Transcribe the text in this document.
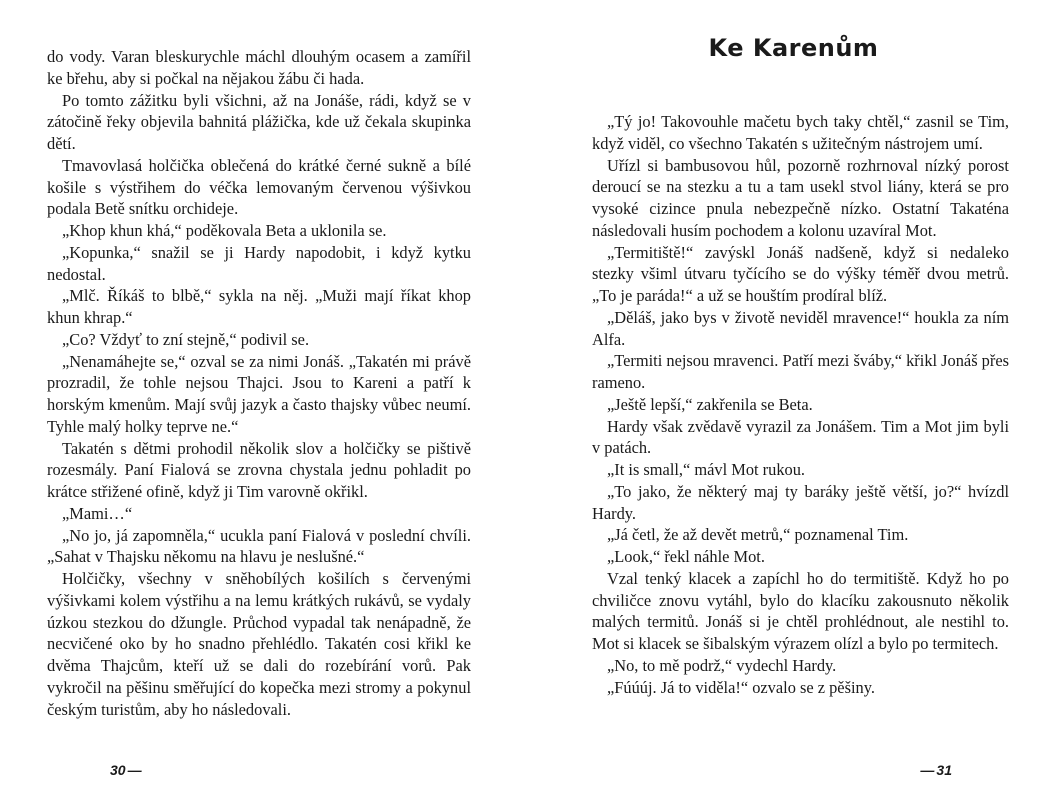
do vody. Varan bleskurychle máchl dlouhým ocasem a zamířil ke břehu, aby si počkal na nějakou žábu či hada.

Po tomto zážitku byli všichni, až na Jonáše, rádi, když se v zátočině řeky objevila bahnitá plážička, kde už čekala skupinka dětí.

Tmavovlasá holčička oblečená do krátké černé sukně a bílé košile s výstřihem do véčka lemovaným červenou výšivkou podala Betě snítku orchideje.

„Khop khun khá,“ poděkovala Beta a uklonila se.

„Kopunka,“ snažil se ji Hardy napodobit, i když kytku nedostal.

„Mlč. Říkáš to blbě,“ sykla na něj. „Muži mají říkat khop khun khrap.“

„Co? Vždyť to zní stejně,“ podivil se.

„Nenamáhejte se,“ ozval se za nimi Jonáš. „Takatén mi právě prozradil, že tohle nejsou Thajci. Jsou to Kareni a patří k horským kmenům. Mají svůj jazyk a často thajsky vůbec neumí. Tyhle malý holky teprve ne.“

Takatén s dětmi prohodil několik slov a holčičky se pištivě rozesmály. Paní Fialová se zrovna chystala jednu pohladit po krátce střižené ofině, když ji Tim varovně okřikl.

„Mami…“

„No jo, já zapomněla,“ ucukla paní Fialová v poslední chvíli. „Sahat v Thajsku někomu na hlavu je neslušné.“

Holčičky, všechny v sněhobílých košilích s červenými výšivkami kolem výstřihu a na lemu krátkých rukávů, se vydaly úzkou stezkou do džungle. Průchod vypadal tak nenápadně, že necvičené oko by ho snadno přehlédlo. Takatén cosi křikl ke dvěma Thajcům, kteří už se dali do rozebírání vorů. Pak vykročil na pěšinu směřující do kopečka mezi stromy a pokynul českým turistům, aby ho následovali.

30 —
Ke Karenům

„Tý jo! Takovouhle mačetu bych taky chtěl,“ zasnil se Tim, když viděl, co všechno Takatén s užitečným nástrojem umí.

Uřízl si bambusovou hůl, pozorně rozhrnoval nízký porost deroucí se na stezku a tu a tam usekl stvol liány, která se pro vysoké cizince pnula nebezpečně nízko. Ostatní Takaténa následovali husím pochodem a kolonu uzavíral Mot.

„Termitiště!“ zavýskl Jonáš nadšeně, když si nedaleko stezky všiml útvaru tyčícího se do výšky téměř dvou metrů. „To je paráda!“ a už se houštím prodíral blíž.

„Děláš, jako bys v životě neviděl mravence!“ houkla za ním Alfa.

„Termiti nejsou mravenci. Patří mezi šváby,“ křikl Jonáš přes rameno.

„Ještě lepší,“ zakřenila se Beta.

Hardy však zvědavě vyrazil za Jonášem. Tim a Mot jim byli v patách.

„It is small,“ mávl Mot rukou.

„To jako, že některý maj ty baráky ještě větší, jo?“ hvízdl Hardy.

„Já četl, že až devět metrů,“ poznamenal Tim.

„Look,“ řekl náhle Mot.

Vzal tenký klacek a zapíchl ho do termitiště. Když ho po chviličce znovu vytáhl, bylo do klacíku zakousnuto několik malých termitů. Jonáš si je chtěl prohlédnout, ale nestihl to. Mot si klacek se šibalským výrazem olízl a bylo po termitech.

„No, to mě podrž,“ vydechl Hardy.

„Fúúúj. Já to viděla!“ ozvalo se z pěšiny.

— 31
